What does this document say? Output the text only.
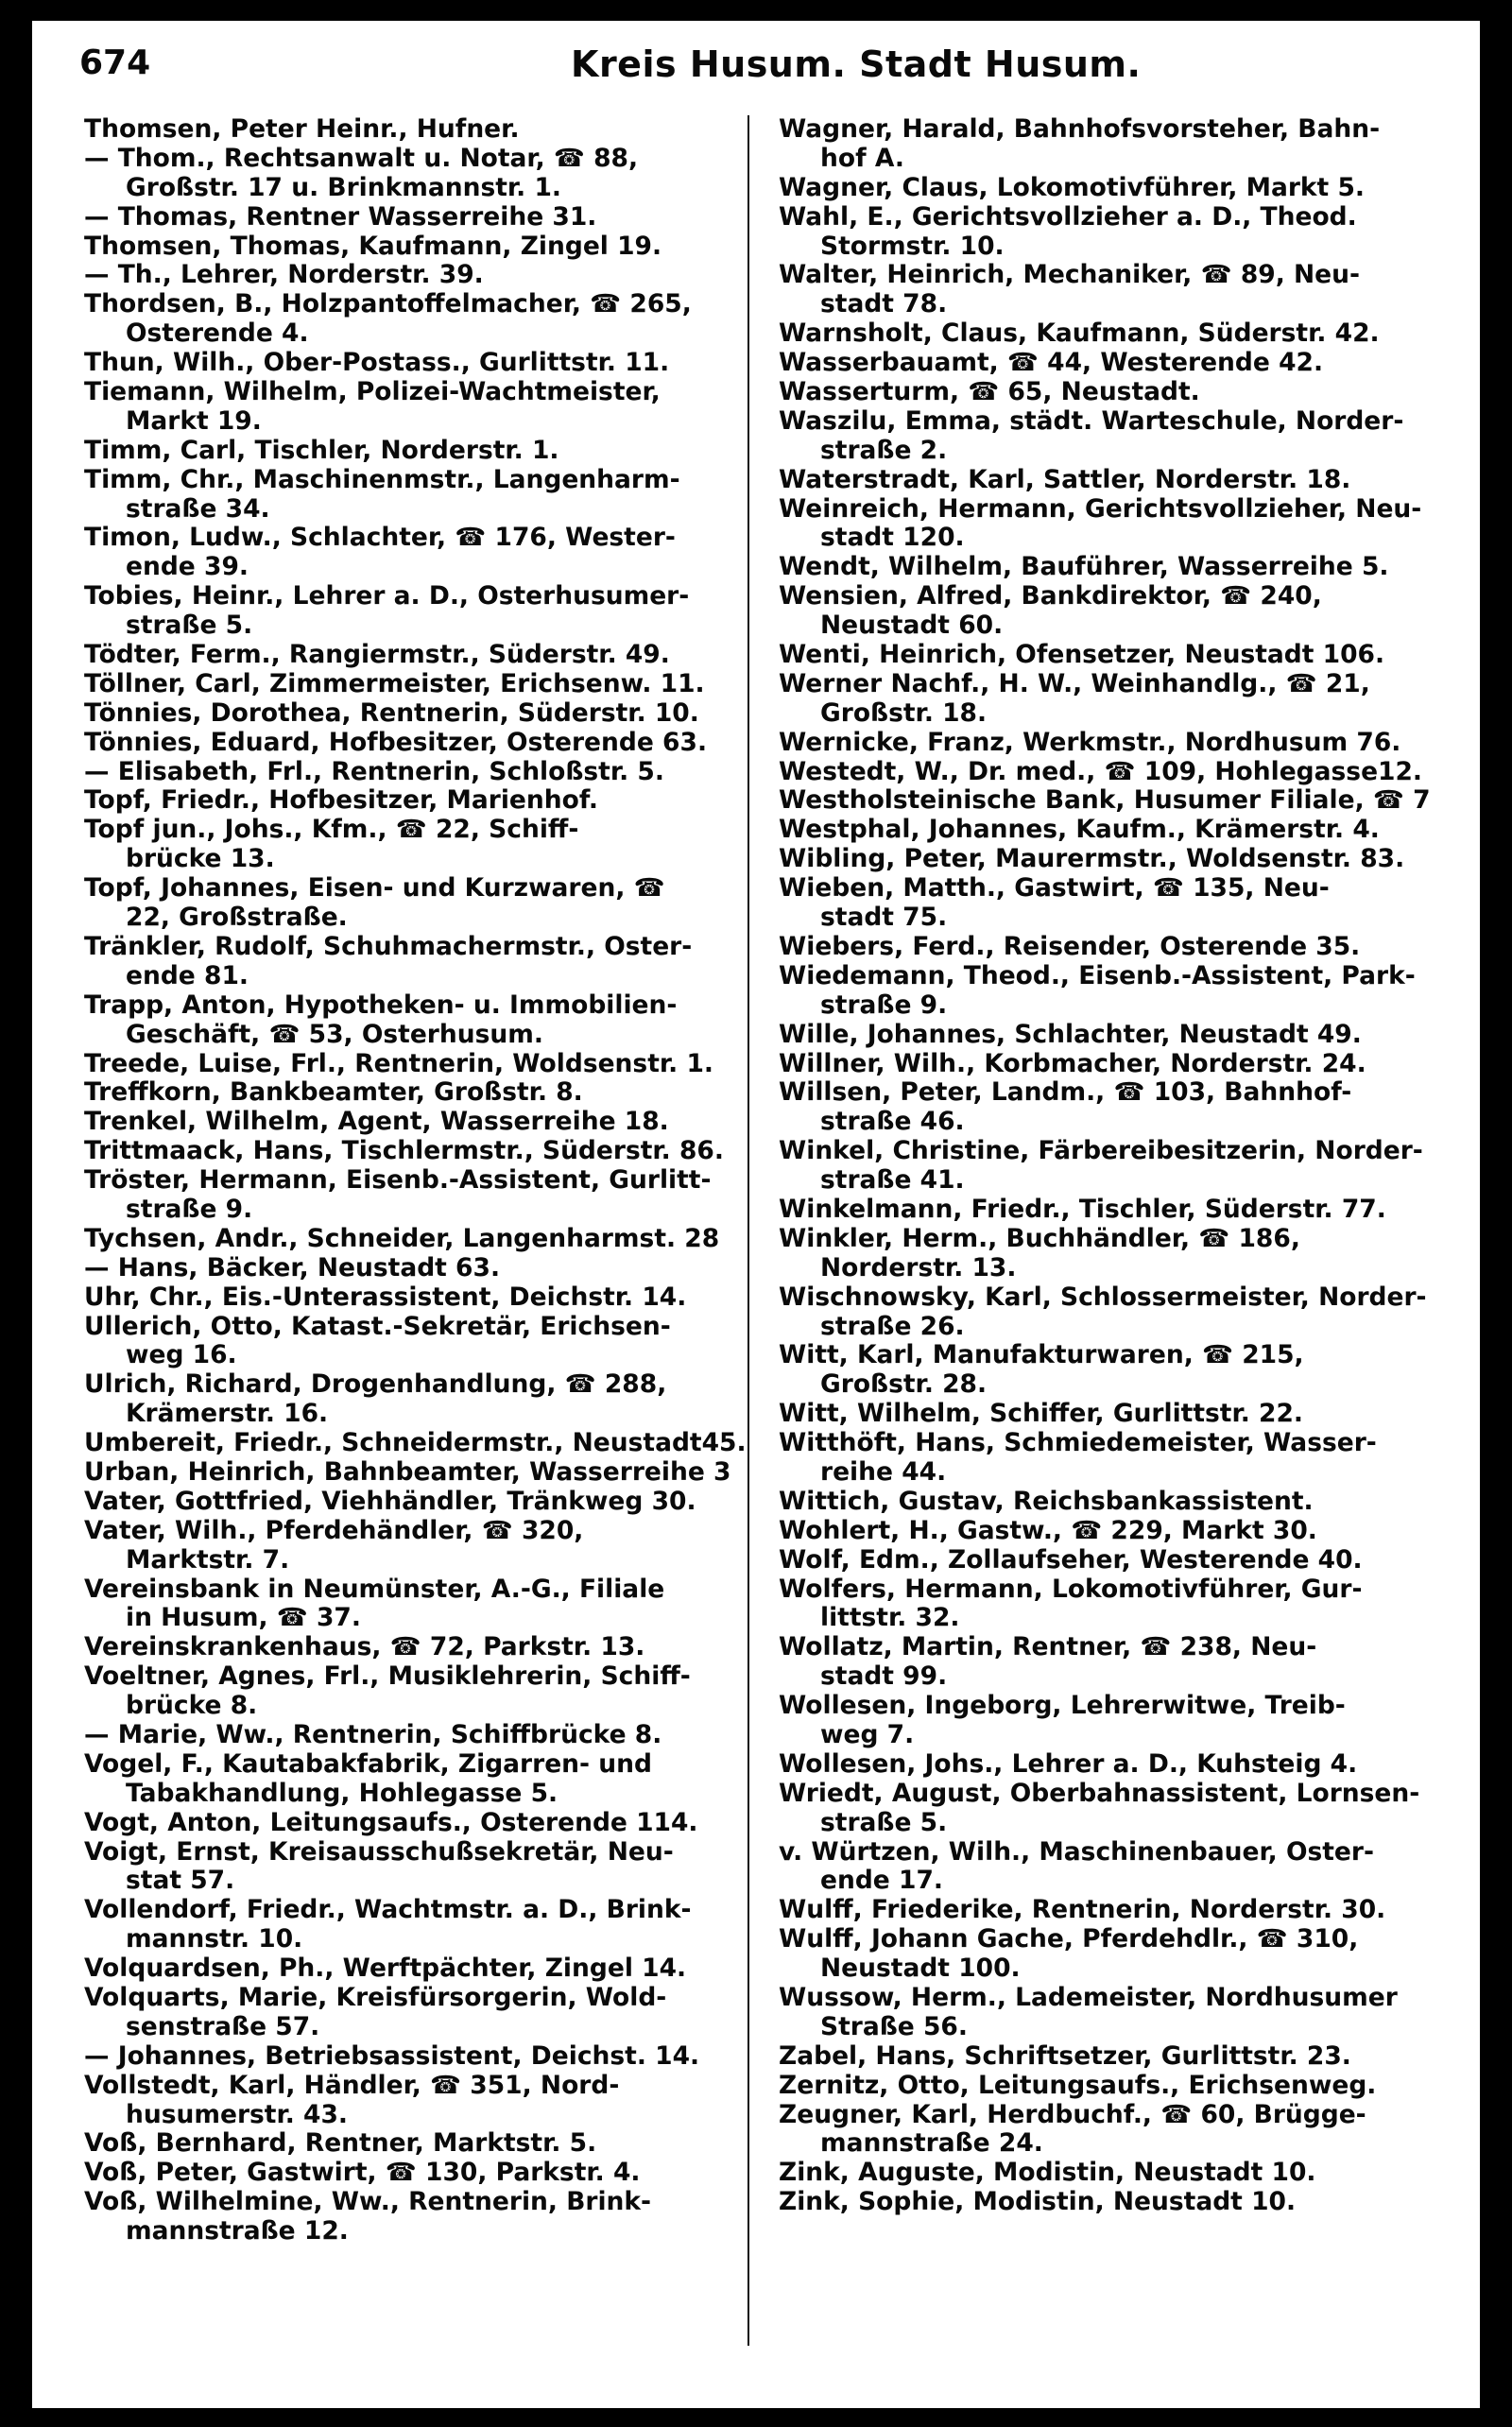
674	Kreis Husum. Stadt Husum.
Thomsen, Peter Heinr., Hufner.
— Thom., Rechtsanwalt u. Notar, ☎ 88,
Großstr. 17 u. Brinkmannstr. 1.
— Thomas, Rentner Wasserreihe 31.
Thomsen, Thomas, Kaufmann, Zingel 19.
— Th., Lehrer, Norderstr. 39.
Thordsen, B., Holzpantoffelmacher, ☎ 265,
Osterende 4.
Thun, Wilh., Ober-Postass., Gurlittstr. 11.
Tiemann, Wilhelm, Polizei-Wachtmeister,
Markt 19.
Timm, Carl, Tischler, Norderstr. 1.
Timm, Chr., Maschinenmstr., Langenharm-
straße 34.
Timon, Ludw., Schlachter, ☎ 176, Wester-
ende 39.
Tobies, Heinr., Lehrer a. D., Osterhusumer-
straße 5.
Tödter, Ferm., Rangiermstr., Süderstr. 49.
Töllner, Carl, Zimmermeister, Erichsenw. 11.
Tönnies, Dorothea, Rentnerin, Süderstr. 10.
Tönnies, Eduard, Hofbesitzer, Osterende 63.
— Elisabeth, Frl., Rentnerin, Schloßstr. 5.
Topf, Friedr., Hofbesitzer, Marienhof.
Topf jun., Johs., Kfm., ☎ 22, Schiff-
brücke 13.
Topf, Johannes, Eisen- und Kurzwaren, ☎
22, Großstraße.
Tränkler, Rudolf, Schuhmachermstr., Oster-
ende 81.
Trapp, Anton, Hypotheken- u. Immobilien-
Geschäft, ☎ 53, Osterhusum.
Treede, Luise, Frl., Rentnerin, Woldsenstr. 1.
Treffkorn, Bankbeamter, Großstr. 8.
Trenkel, Wilhelm, Agent, Wasserreihe 18.
Trittmaack, Hans, Tischlermstr., Süderstr. 86.
Tröster, Hermann, Eisenb.-Assistent, Gurlitt-
straße 9.
Tychsen, Andr., Schneider, Langenharmst. 28
— Hans, Bäcker, Neustadt 63.
Uhr, Chr., Eis.-Unterassistent, Deichstr. 14.
Ullerich, Otto, Katast.-Sekretär, Erichsen-
weg 16.
Ulrich, Richard, Drogenhandlung, ☎ 288,
Krämerstr. 16.
Umbereit, Friedr., Schneidermstr., Neustadt45.
Urban, Heinrich, Bahnbeamter, Wasserreihe 3
Vater, Gottfried, Viehhändler, Tränkweg 30.
Vater, Wilh., Pferdehändler, ☎ 320,
Marktstr. 7.
Vereinsbank in Neumünster, A.-G., Filiale
in Husum, ☎ 37.
Vereinskrankenhaus, ☎ 72, Parkstr. 13.
Voeltner, Agnes, Frl., Musiklehrerin, Schiff-
brücke 8.
— Marie, Ww., Rentnerin, Schiffbrücke 8.
Vogel, F., Kautabakfabrik, Zigarren- und
Tabakhandlung, Hohlegasse 5.
Vogt, Anton, Leitungsaufs., Osterende 114.
Voigt, Ernst, Kreisausschußsekretär, Neu-
stat 57.
Vollendorf, Friedr., Wachtmstr. a. D., Brink-
mannstr. 10.
Volquardsen, Ph., Werftpächter, Zingel 14.
Volquarts, Marie, Kreisfürsorgerin, Wold-
senstraße 57.
— Johannes, Betriebsassistent, Deichst. 14.
Vollstedt, Karl, Händler, ☎ 351, Nord-
husumerstr. 43.
Voß, Bernhard, Rentner, Marktstr. 5.
Voß, Peter, Gastwirt, ☎ 130, Parkstr. 4.
Voß, Wilhelmine, Ww., Rentnerin, Brink-
mannstraße 12.
Wagner, Harald, Bahnhofsvorsteher, Bahn-
hof A.
Wagner, Claus, Lokomotivführer, Markt 5.
Wahl, E., Gerichtsvollzieher a. D., Theod.
Stormstr. 10.
Walter, Heinrich, Mechaniker, ☎ 89, Neu-
stadt 78.
Warnsholt, Claus, Kaufmann, Süderstr. 42.
Wasserbauamt, ☎ 44, Westerende 42.
Wasserturm, ☎ 65, Neustadt.
Waszilu, Emma, städt. Warteschule, Norder-
straße 2.
Waterstradt, Karl, Sattler, Norderstr. 18.
Weinreich, Hermann, Gerichtsvollzieher, Neu-
stadt 120.
Wendt, Wilhelm, Bauführer, Wasserreihe 5.
Wensien, Alfred, Bankdirektor, ☎ 240,
Neustadt 60.
Wenti, Heinrich, Ofensetzer, Neustadt 106.
Werner Nachf., H. W., Weinhandlg., ☎ 21,
Großstr. 18.
Wernicke, Franz, Werkmstr., Nordhusum 76.
Westedt, W., Dr. med., ☎ 109, Hohlegasse12.
Westholsteinische Bank, Husumer Filiale, ☎ 7
Westphal, Johannes, Kaufm., Krämerstr. 4.
Wibling, Peter, Maurermstr., Woldsenstr. 83.
Wieben, Matth., Gastwirt, ☎ 135, Neu-
stadt 75.
Wiebers, Ferd., Reisender, Osterende 35.
Wiedemann, Theod., Eisenb.-Assistent, Park-
straße 9.
Wille, Johannes, Schlachter, Neustadt 49.
Willner, Wilh., Korbmacher, Norderstr. 24.
Willsen, Peter, Landm., ☎ 103, Bahnhof-
straße 46.
Winkel, Christine, Färbereibesitzerin, Norder-
straße 41.
Winkelmann, Friedr., Tischler, Süderstr. 77.
Winkler, Herm., Buchhändler, ☎ 186,
Norderstr. 13.
Wischnowsky, Karl, Schlossermeister, Norder-
straße 26.
Witt, Karl, Manufakturwaren, ☎ 215,
Großstr. 28.
Witt, Wilhelm, Schiffer, Gurlittstr. 22.
Witthöft, Hans, Schmiedemeister, Wasser-
reihe 44.
Wittich, Gustav, Reichsbankassistent.
Wohlert, H., Gastw., ☎ 229, Markt 30.
Wolf, Edm., Zollaufseher, Westerende 40.
Wolfers, Hermann, Lokomotivführer, Gur-
littstr. 32.
Wollatz, Martin, Rentner, ☎ 238, Neu-
stadt 99.
Wollesen, Ingeborg, Lehrerwitwe, Treib-
weg 7.
Wollesen, Johs., Lehrer a. D., Kuhsteig 4.
Wriedt, August, Oberbahnassistent, Lornsen-
straße 5.
v. Würtzen, Wilh., Maschinenbauer, Oster-
ende 17.
Wulff, Friederike, Rentnerin, Norderstr. 30.
Wulff, Johann Gache, Pferdehdlr., ☎ 310,
Neustadt 100.
Wussow, Herm., Lademeister, Nordhusumer
Straße 56.
Zabel, Hans, Schriftsetzer, Gurlittstr. 23.
Zernitz, Otto, Leitungsaufs., Erichsenweg.
Zeugner, Karl, Herdbuchf., ☎ 60, Brügge-
mannstraße 24.
Zink, Auguste, Modistin, Neustadt 10.
Zink, Sophie, Modistin, Neustadt 10.
